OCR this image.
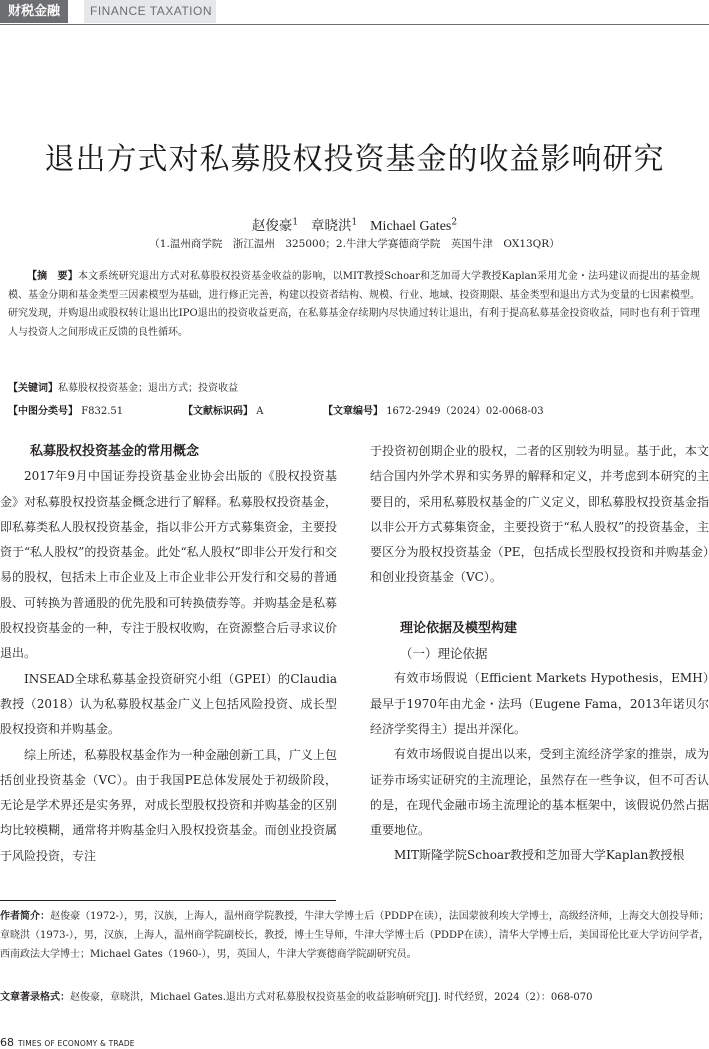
财税金融	FINANCE TAXATION
退出方式对私募股权投资基金的收益影响研究
赵俊豪$^1$ 章晓洪$^1$ Michael Gates$^2$
（1.温州商学院　浙江温州　325000；2.牛津大学赛德商学院　英国牛津　OX13QR）
【摘　要】本文系统研究退出方式对私募股权投资基金收益的影响，以MIT教授Schoar和芝加哥大学教授Kaplan采用尤金・法玛建议而提出的基金规模、基金分期和基金类型三因素模型为基础，进行修正完善，构建以投资者结构、规模、行业、地域、投资期限、基金类型和退出方式为变量的七因素模型。研究发现，并购退出或股权转让退出比IPO退出的投资收益更高，在私募基金存续期内尽快通过转让退出，有利于提高私募基金投资收益，同时也有利于管理人与投资人之间形成正反馈的良性循环。
【关键词】私募股权投资基金；退出方式；投资收益
【中图分类号】 F832.51	【文献标识码】 A	【文章编号】 1672-2949（2024）02-0068-03
私募股权投资基金的常用概念

2017年9月中国证券投资基金业协会出版的《股权投资基金》对私募股权投资基金概念进行了解释。私募股权投资基金，即私募类私人股权投资基金，指以非公开方式募集资金，主要投资于“私人股权”的投资基金。此处“私人股权”即非公开发行和交易的股权，包括未上市企业及上市企业非公开发行和交易的普通股、可转换为普通股的优先股和可转换债券等。并购基金是私募股权投资基金的一种，专注于股权收购，在资源整合后寻求议价退出。

INSEAD全球私募基金投资研究小组（GPEI）的Claudia教授（2018）认为私募股权基金广义上包括风险投资、成长型股权投资和并购基金。

综上所述，私募股权基金作为一种金融创新工具，广义上包括创业投资基金（VC）。由于我国PE总体发展处于初级阶段，无论是学术界还是实务界，对成长型股权投资和并购基金的区别均比较模糊，通常将并购基金归入股权投资基金。而创业投资属于风险投资，专注

于投资初创期企业的股权，二者的区别较为明显。基于此，本文结合国内外学术界和实务界的解释和定义，并考虑到本研究的主要目的，采用私募股权基金的广义定义，即私募股权投资基金指以非公开方式募集资金，主要投资于“私人股权”的投资基金，主要区分为股权投资基金（PE，包括成长型股权投资和并购基金）和创业投资基金（VC）。

理论依据及模型构建
（一）理论依据

有效市场假说（Efficient Markets Hypothesis，EMH）最早于1970年由尤金・法玛（Eugene Fama，2013年诺贝尔经济学奖得主）提出并深化。

有效市场假说自提出以来，受到主流经济学家的推崇，成为证券市场实证研究的主流理论，虽然存在一些争议，但不可否认的是，在现代金融市场主流理论的基本框架中，该假说仍然占据重要地位。

MIT斯隆学院Schoar教授和芝加哥大学Kaplan教授根

作者简介：赵俊豪（1972-），男，汉族，上海人，温州商学院教授，牛津大学博士后（PDDP在读），法国蒙彼利埃大学博士，高级经济师，上海交大创投导师；章晓洪（1973-），男，汉族，上海人，温州商学院副校长，教授，博士生导师，牛津大学博士后（PDDP在读），清华大学博士后，美国哥伦比亚大学访问学者，西南政法大学博士；Michael Gates（1960-），男，英国人，牛津大学赛德商学院副研究员。
文章著录格式：赵俊豪，章晓洪，Michael Gates.退出方式对私募股权投资基金的收益影响研究[J]. 时代经贸，2024（2）：068-070
68 TIMES OF ECONOMY & TRADE
